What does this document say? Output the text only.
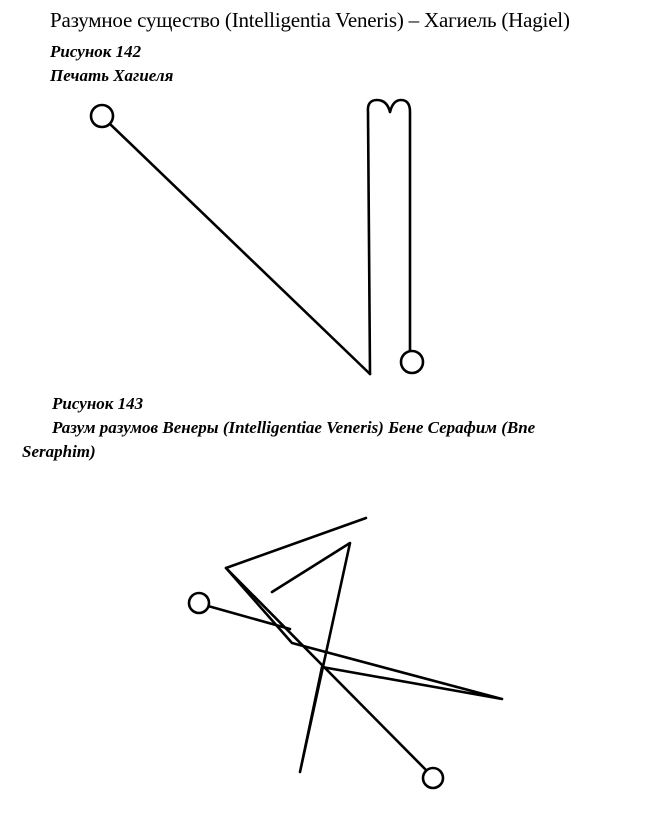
Разумное существо (Intelligentia Veneris) – Хагиель (Hagiel)
Рисунок 142
Печать Хагиеля
Рисунок 143
Разум разумов Венеры (Intelligentiae Veneris) Бене Серафим (Bne
Seraphim)
